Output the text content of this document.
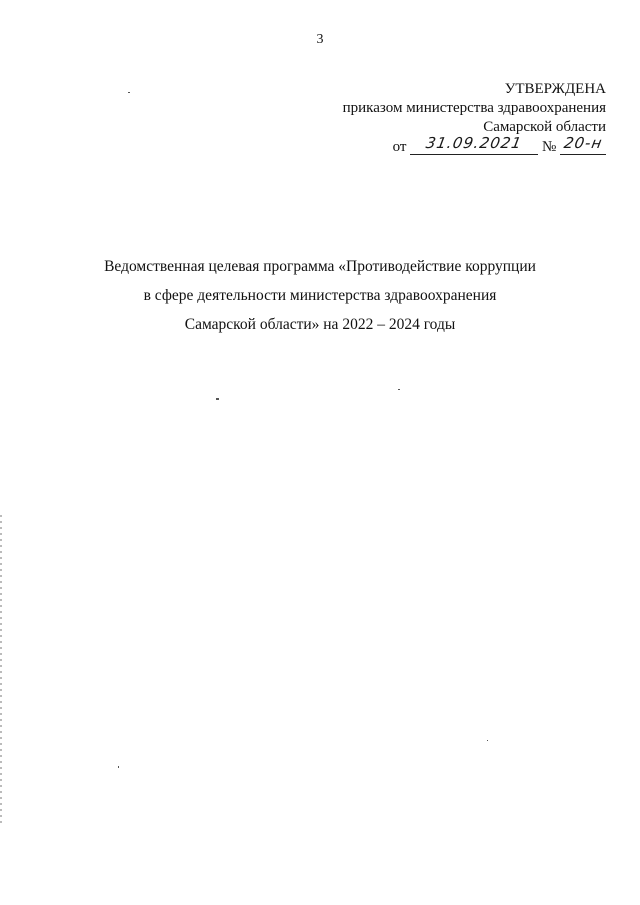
3
УТВЕРЖДЕНА
приказом министерства здравоохранения
Самарской области
от 31.09.2021 № 20-н
Ведомственная целевая программа «Противодействие коррупции
в сфере деятельности министерства здравоохранения
Самарской области» на 2022 – 2024 годы
